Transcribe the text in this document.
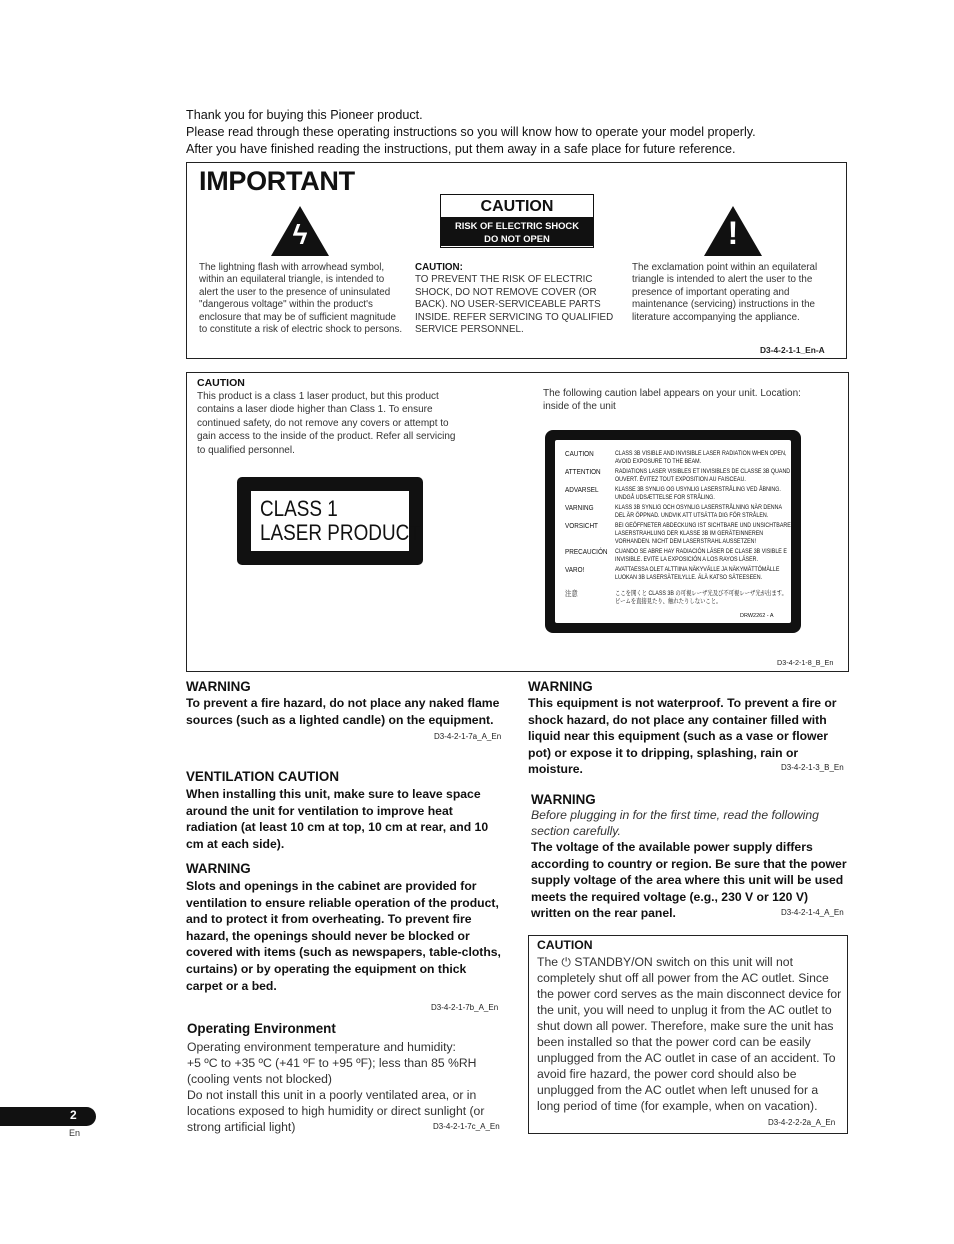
Thank you for buying this Pioneer product.
Please read through these operating instructions so you will know how to operate your model properly.
After you have finished reading the instructions, put them away in a safe place for future reference.
IMPORTANT
ϟ
The lightning flash with arrowhead symbol, within an equilateral triangle, is intended to alert the user to the presence of uninsulated "dangerous voltage" within the product's enclosure that may be of sufficient magnitude to constitute a risk of electric shock to persons.
CAUTION
RISK OF ELECTRIC SHOCK
DO NOT OPEN
CAUTION:
TO PREVENT THE RISK OF ELECTRIC SHOCK, DO NOT REMOVE COVER (OR BACK). NO USER-SERVICEABLE PARTS INSIDE. REFER SERVICING TO QUALIFIED SERVICE PERSONNEL.
!
The exclamation point within an equilateral triangle is intended to alert the user to the presence of important operating and maintenance (servicing) instructions in the literature accompanying the appliance.
D3-4-2-1-1_En-A
CAUTION
This product is a class 1 laser product, but this product contains a laser diode higher than Class 1. To ensure continued safety, do not remove any covers or attempt to gain access to the inside of the product. Refer all servicing to qualified personnel.
CLASS 1
LASER PRODUCT
The following caution label appears on your unit. Location: inside of the unit
CAUTION	CLASS 3B VISIBLE AND INVISIBLE LASER RADIATION WHEN OPEN, AVOID EXPOSURE TO THE BEAM.
ATTENTION	RADIATIONS LASER VISIBLES ET INVISIBLES DE CLASSE 3B QUAND OUVERT. ÉVITEZ TOUT EXPOSITION AU FAISCEAU.
ADVARSEL	KLASSE 3B SYNLIG OG USYNLIG LASERSTRÅLING VED ÅBNING. UNDGÅ UDSÆTTELSE FOR STRÅLING.
VARNING	KLASS 3B SYNLIG OCH OSYNLIG LASERSTRÅLNING NÄR DENNA DEL ÄR ÖPPNAD. UNDVIK ATT UTSÄTTA DIG FÖR STRÅLEN.
VORSICHT	BEI GEÖFFNETER ABDECKUNG IST SICHTBARE UND UNSICHTBARE LASERSTRAHLUNG DER KLASSE 3B IM GERÄTEINNEREN VORHANDEN. NICHT DEM LASERSTRAHL AUSSETZEN!
PRECAUCIÓN	CUANDO SE ABRE HAY RADIACIÓN LÁSER DE CLASE 3B VISIBLE E INVISIBLE. EVITE LA EXPOSICIÓN A LOS RAYOS LÁSER.
VARO!	AVATTAESSA OLET ALTTIINA NÄKYVÄLLE JA NÄKYMÄTTÖMÄLLE LUOKAN 3B LASERSÄTEILYLLE. ÄLÄ KATSO SÄTEESEEN.
注意	ここを開くと CLASS 3B の可視レーザ光及び不可視レーザ光が出ます。ビームを直接見たり、触れたりしないこと。
DRW2262 - A
D3-4-2-1-8_B_En
WARNING
To prevent a fire hazard, do not place any naked flame sources (such as a lighted candle) on the equipment.
D3-4-2-1-7a_A_En
VENTILATION CAUTION
When installing this unit, make sure to leave space around the unit for ventilation to improve heat radiation (at least 10 cm at top, 10 cm at rear, and 10 cm at each side).
WARNING
Slots and openings in the cabinet are provided for ventilation to ensure reliable operation of the product, and to protect it from overheating. To prevent fire hazard, the openings should never be blocked or covered with items (such as newspapers, table-cloths, curtains) or by operating the equipment on thick carpet or a bed.
D3-4-2-1-7b_A_En
Operating Environment
Operating environment temperature and humidity:
+5 ºC to +35 ºC (+41 ºF to +95 ºF); less than 85 %RH (cooling vents not blocked)
Do not install this unit in a poorly ventilated area, or in locations exposed to high humidity or direct sunlight (or strong artificial light)	D3-4-2-1-7c_A_En
WARNING
This equipment is not waterproof. To prevent a fire or shock hazard, do not place any container filled with liquid near this equipment (such as a vase or flower pot) or expose it to dripping, splashing, rain or moisture.	D3-4-2-1-3_B_En
WARNING
Before plugging in for the first time, read the following section carefully.
The voltage of the available power supply differs according to country or region. Be sure that the power supply voltage of the area where this unit will be used meets the required voltage (e.g., 230 V or 120 V) written on the rear panel.	D3-4-2-1-4_A_En
CAUTION
The ⏻ STANDBY/ON switch on this unit will not completely shut off all power from the AC outlet. Since the power cord serves as the main disconnect device for the unit, you will need to unplug it from the AC outlet to shut down all power. Therefore, make sure the unit has been installed so that the power cord can be easily unplugged from the AC outlet in case of an accident. To avoid fire hazard, the power cord should also be unplugged from the AC outlet when left unused for a long period of time (for example, when on vacation).
D3-4-2-2-2a_A_En
2
En
